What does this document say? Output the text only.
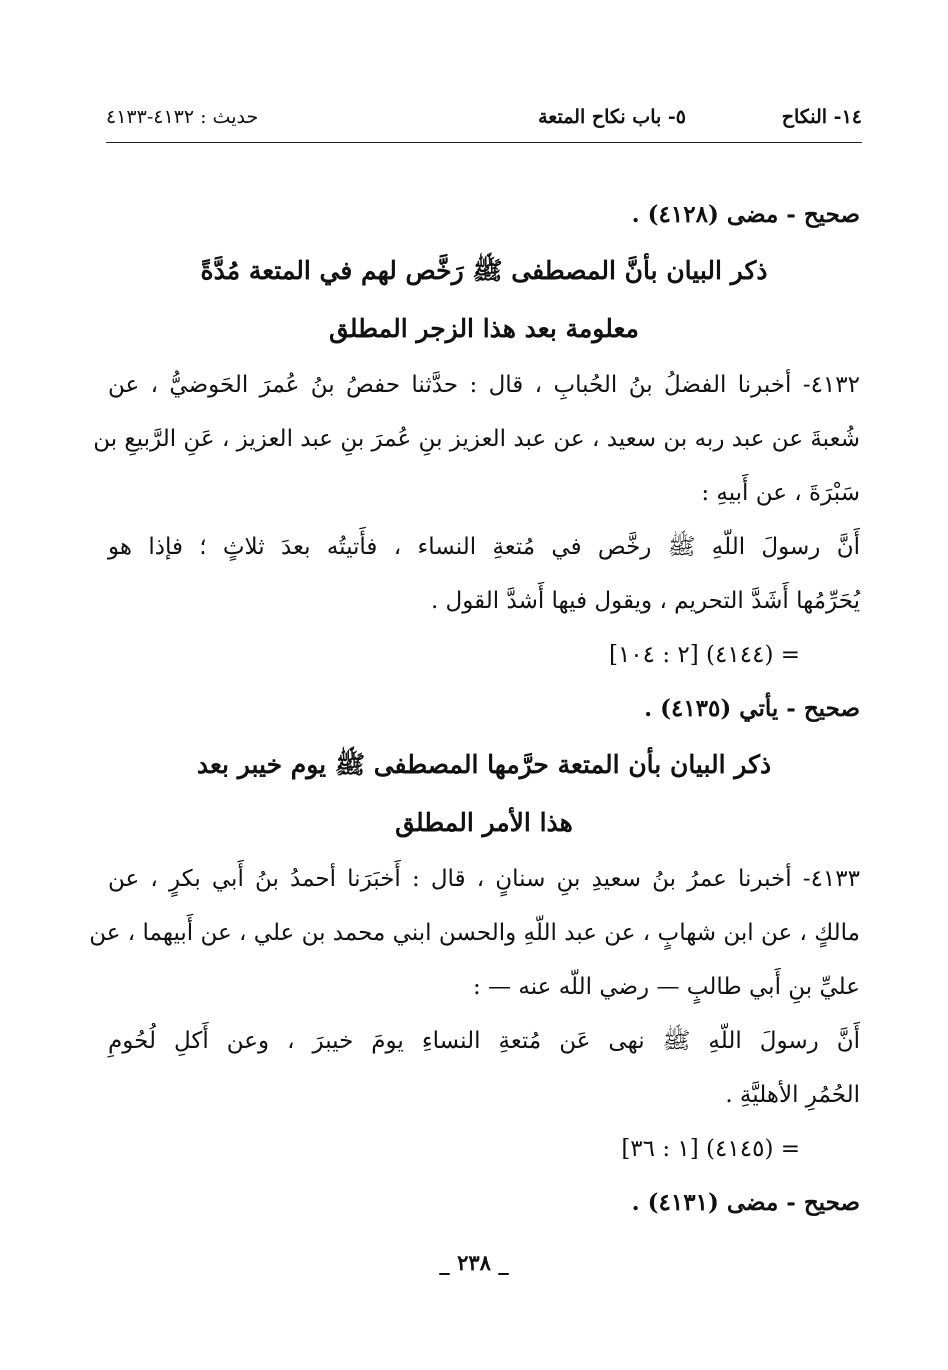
١٤- النكاح
٥- باب نكاح المتعة
حديث : ٤١٣٢-٤١٣٣
صحيح - مضى (٤١٢٨) .
ذكر البيان بأنَّ المصطفى ﷺ رَخَّص لهم في المتعة مُدَّةً
معلومة بعد هذا الزجر المطلق
٤١٣٢- أخبرنا الفضلُ بنُ الحُبابِ ، قال : حدَّثنا حفصُ بنُ عُمرَ الحَوضيُّ ، عن
شُعبةَ عن عبد ربه بن سعيد ، عن عبد العزيز بنِ عُمرَ بنِ عبد العزيز ، عَنِ الرَّبيعِ بن
سَبْرَةَ ، عن أَبيهِ :
أَنَّ رسولَ اللّهِ ﷺ رخَّص في مُتعةِ النساء ، فأَتيتُه بعدَ ثلاثٍ ؛ فإذا هو
يُحَرِّمُها أَشَدَّ التحريم ، ويقول فيها أَشدَّ القول .
= (٤١٤٤) [٢ : ١٠٤]
صحيح - يأتي (٤١٣٥) .
ذكر البيان بأن المتعة حرَّمها المصطفى ﷺ يوم خيبر بعد
هذا الأمر المطلق
٤١٣٣- أخبرنا عمرُ بنُ سعيدِ بنِ سنانٍ ، قال : أَخبَرَنا أحمدُ بنُ أَبي بكرٍ ، عن
مالكٍ ، عن ابن شهابٍ ، عن عبد اللّهِ والحسن ابني محمد بن علي ، عن أَبيهما ، عن
عليِّ بنِ أَبي طالبٍ — رضي اللّه عنه — :
أَنَّ رسولَ اللّهِ ﷺ نهى عَن مُتعةِ النساءِ يومَ خيبرَ ، وعن أَكلِ لُحُومِ
الحُمُرِ الأهليَّةِ .
= (٤١٤٥) [١ : ٣٦]
صحيح - مضى (٤١٣١) .
_ ٢٣٨ _
